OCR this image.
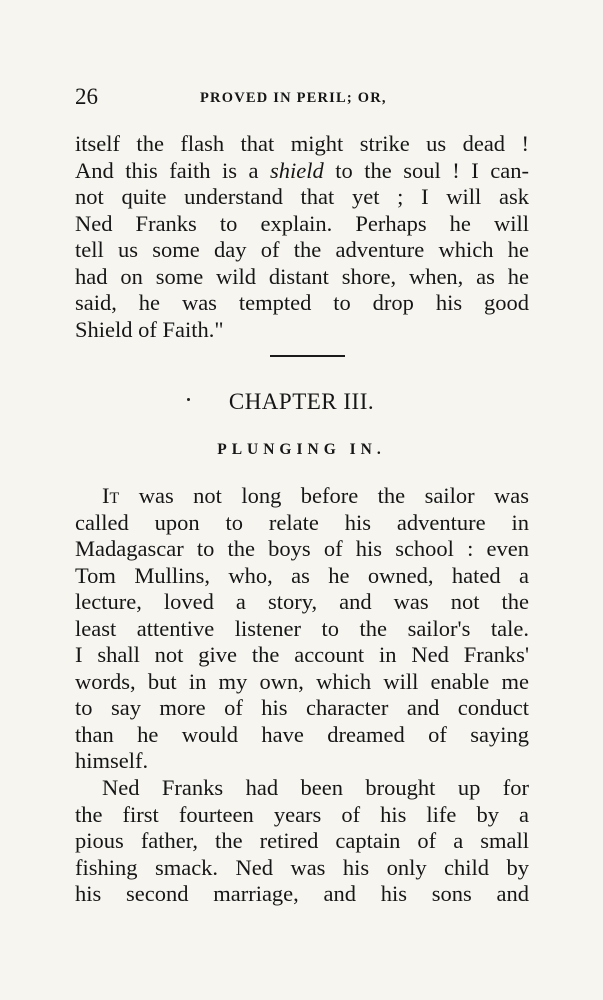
26	PROVED IN PERIL; OR,
itself the flash that might strike us dead !
And this faith is a shield to the soul ! I can-
not quite understand that yet ; I will ask
Ned Franks to explain. Perhaps he will
tell us some day of the adventure which he
had on some wild distant shore, when, as he
said, he was tempted to drop his good
Shield of Faith."
CHAPTER III.
PLUNGING IN.
It was not long before the sailor was
called upon to relate his adventure in
Madagascar to the boys of his school : even
Tom Mullins, who, as he owned, hated a
lecture, loved a story, and was not the
least attentive listener to the sailor's tale.
I shall not give the account in Ned Franks'
words, but in my own, which will enable me
to say more of his character and conduct
than he would have dreamed of saying
himself.
Ned Franks had been brought up for
the first fourteen years of his life by a
pious father, the retired captain of a small
fishing smack. Ned was his only child by
his second marriage, and his sons and
